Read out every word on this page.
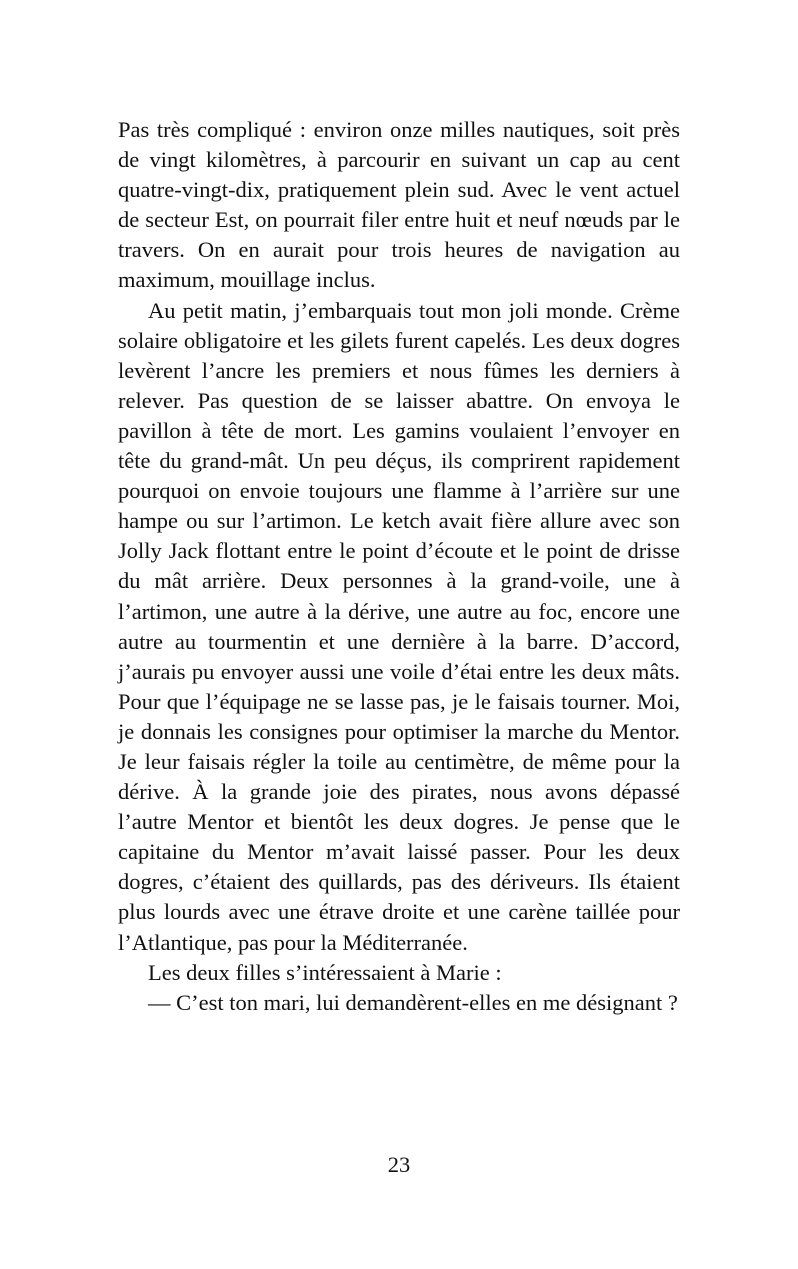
Pas très compliqué : environ onze milles nautiques, soit près de vingt kilomètres, à parcourir en suivant un cap au cent quatre-vingt-dix, pratiquement plein sud. Avec le vent actuel de secteur Est, on pourrait filer entre huit et neuf nœuds par le travers. On en aurait pour trois heures de navigation au maximum, mouillage inclus.

Au petit matin, j’embarquais tout mon joli monde. Crème solaire obligatoire et les gilets furent capelés. Les deux dogres levèrent l’ancre les premiers et nous fûmes les derniers à relever. Pas question de se laisser abattre. On envoya le pavillon à tête de mort. Les gamins voulaient l’envoyer en tête du grand-mât. Un peu déçus, ils comprirent rapidement pourquoi on envoie toujours une flamme à l’arrière sur une hampe ou sur l’artimon. Le ketch avait fière allure avec son Jolly Jack flottant entre le point d’écoute et le point de drisse du mât arrière. Deux personnes à la grand-voile, une à l’artimon, une autre à la dérive, une autre au foc, encore une autre au tourmentin et une dernière à la barre. D’accord, j’aurais pu envoyer aussi une voile d’étai entre les deux mâts. Pour que l’équipage ne se lasse pas, je le faisais tourner. Moi, je donnais les consignes pour optimiser la marche du Mentor. Je leur faisais régler la toile au centimètre, de même pour la dérive. À la grande joie des pirates, nous avons dépassé l’autre Mentor et bientôt les deux dogres. Je pense que le capitaine du Mentor m’avait laissé passer. Pour les deux dogres, c’étaient des quillards, pas des dériveurs. Ils étaient plus lourds avec une étrave droite et une carène taillée pour l’Atlantique, pas pour la Méditerranée.

Les deux filles s’intéressaient à Marie :

— C’est ton mari, lui demandèrent-elles en me désignant ?

23
